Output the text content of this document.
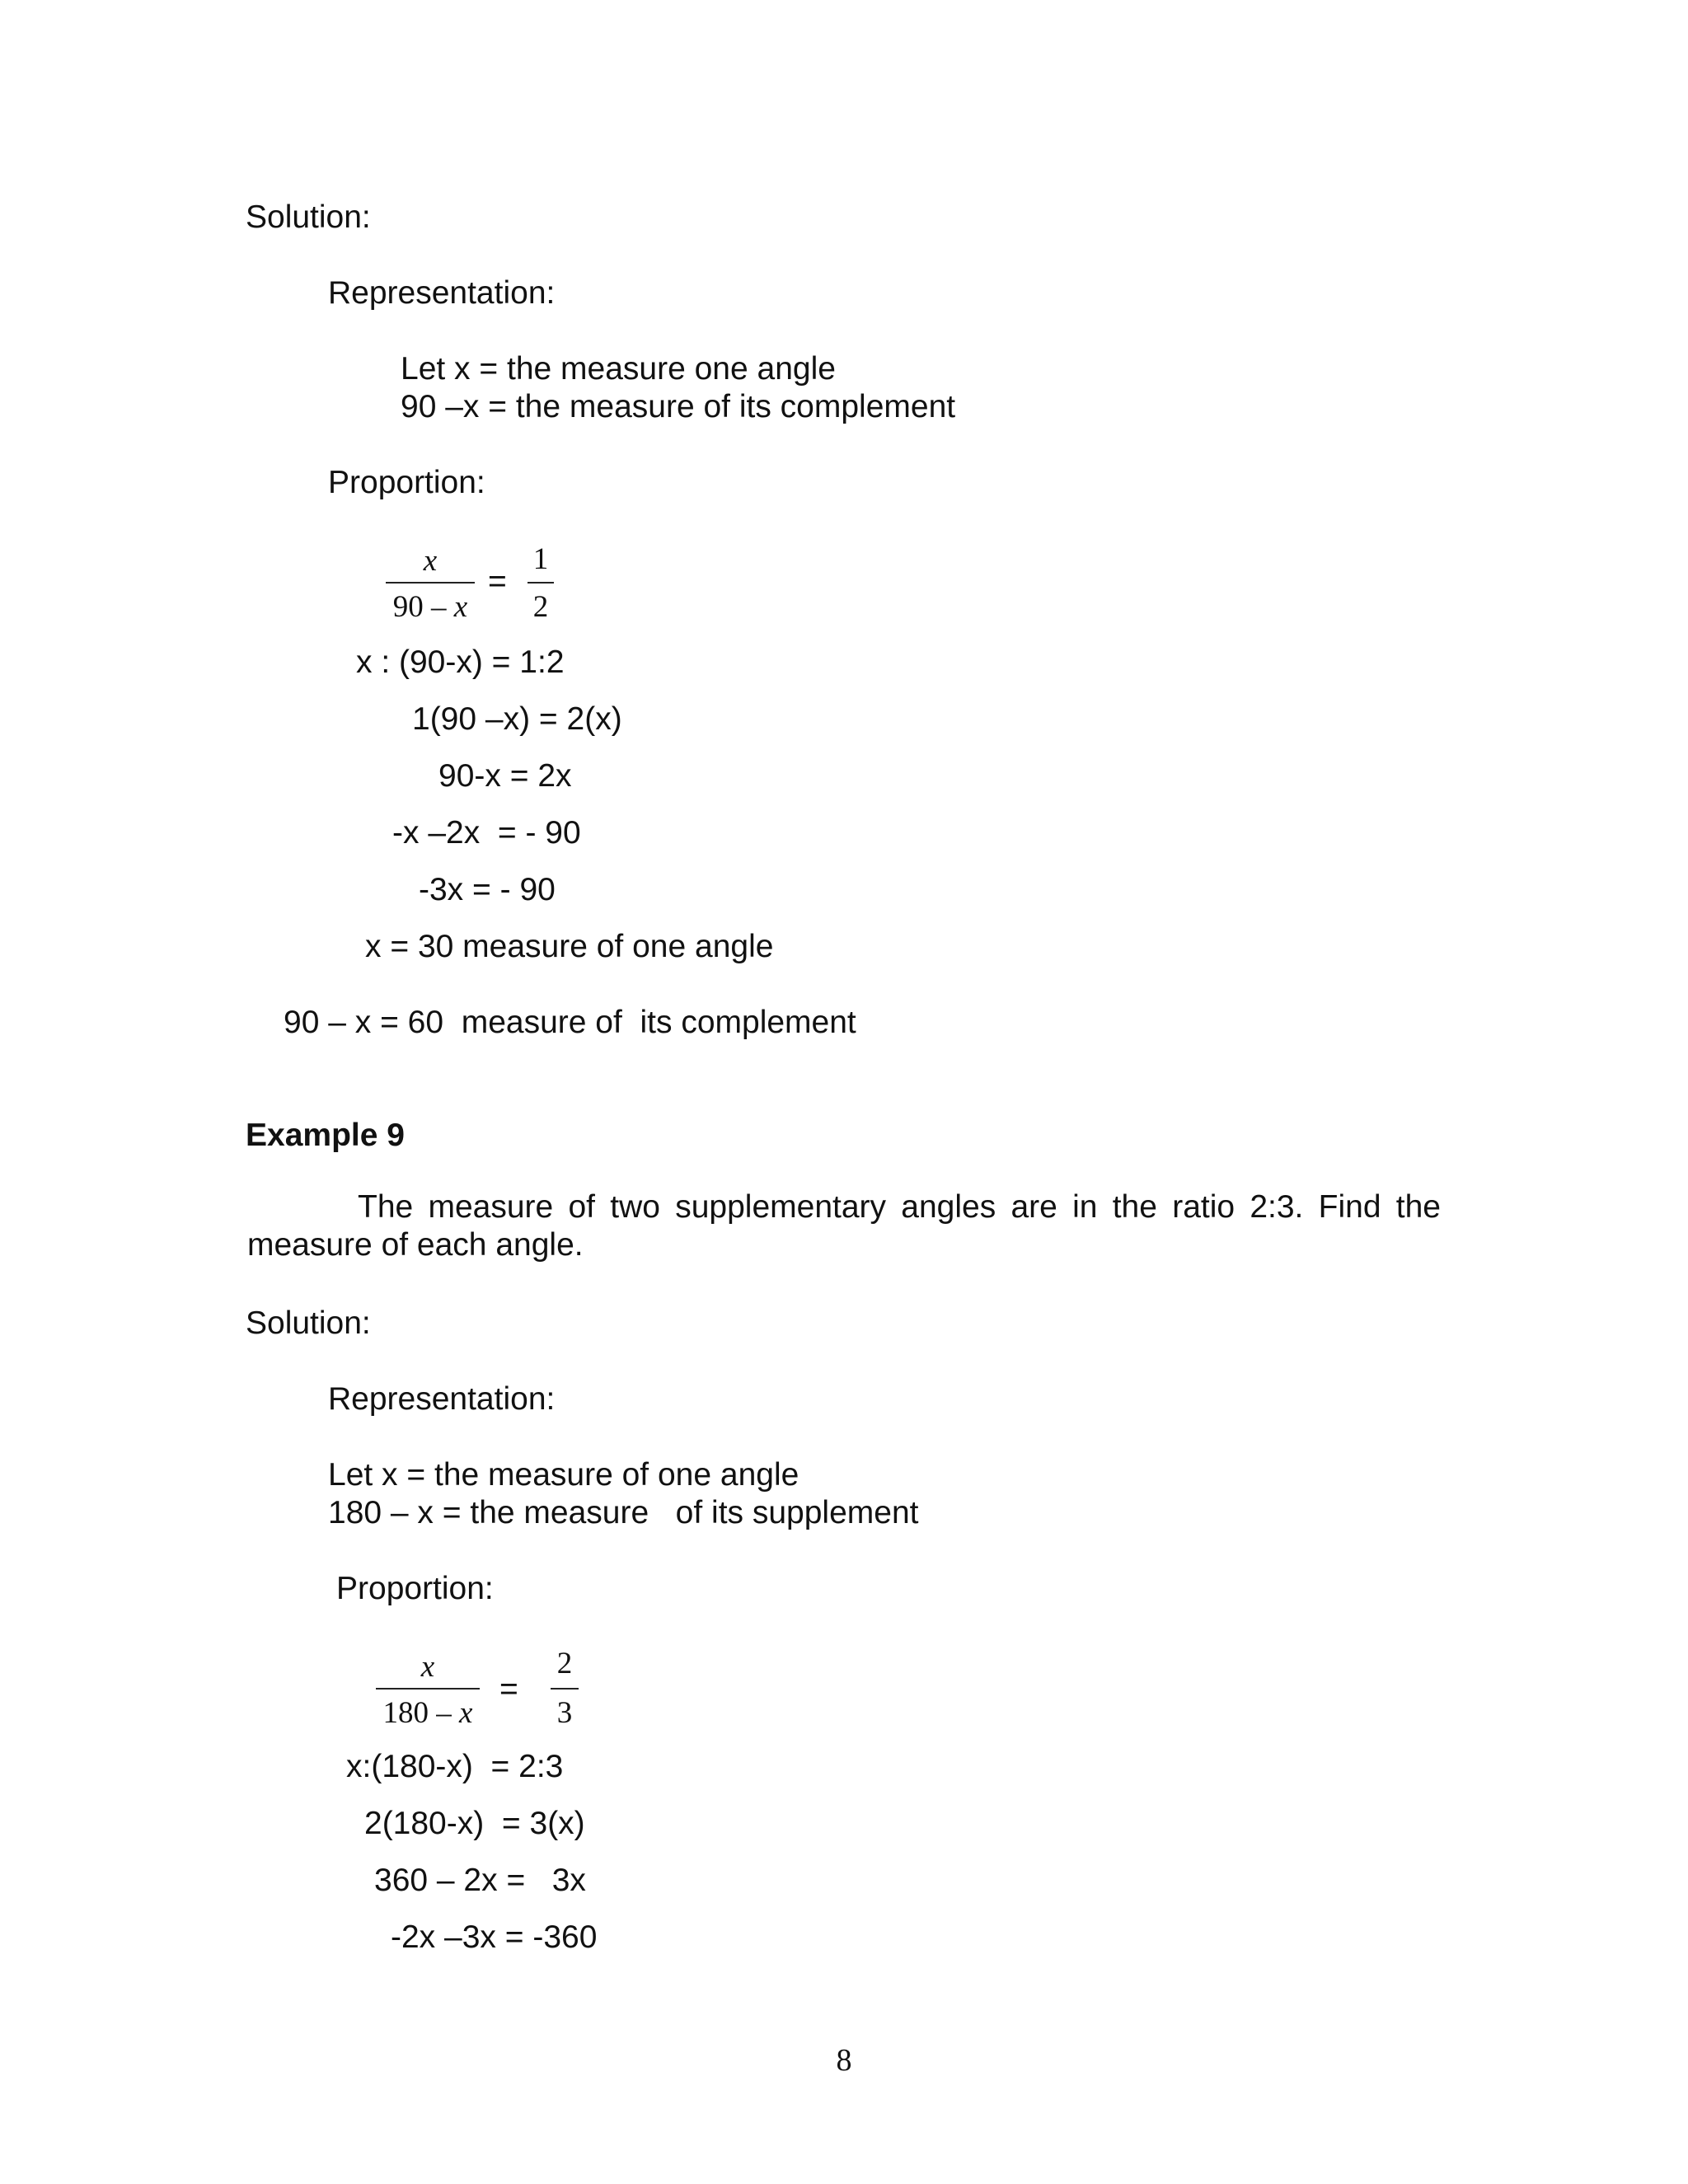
Solution:
Representation:
Let x = the measure one angle
90 –x = the measure of its complement
Proportion:
x
90 – x
=
1
2
x : (90-x) = 1:2
1(90 –x) = 2(x)
90-x = 2x
-x –2x  = - 90
-3x = - 90
x = 30 measure of one angle
90 – x = 60  measure of  its complement
Example 9
The measure of two supplementary angles are in the ratio 2:3. Find the
measure of each angle.
Solution:
Representation:
Let x = the measure of one angle
180 – x = the measure   of its supplement
Proportion:
x
180 – x
=
2
3
x:(180-x)  = 2:3
2(180-x)  = 3(x)
360 – 2x =   3x
-2x –3x = -360
8
